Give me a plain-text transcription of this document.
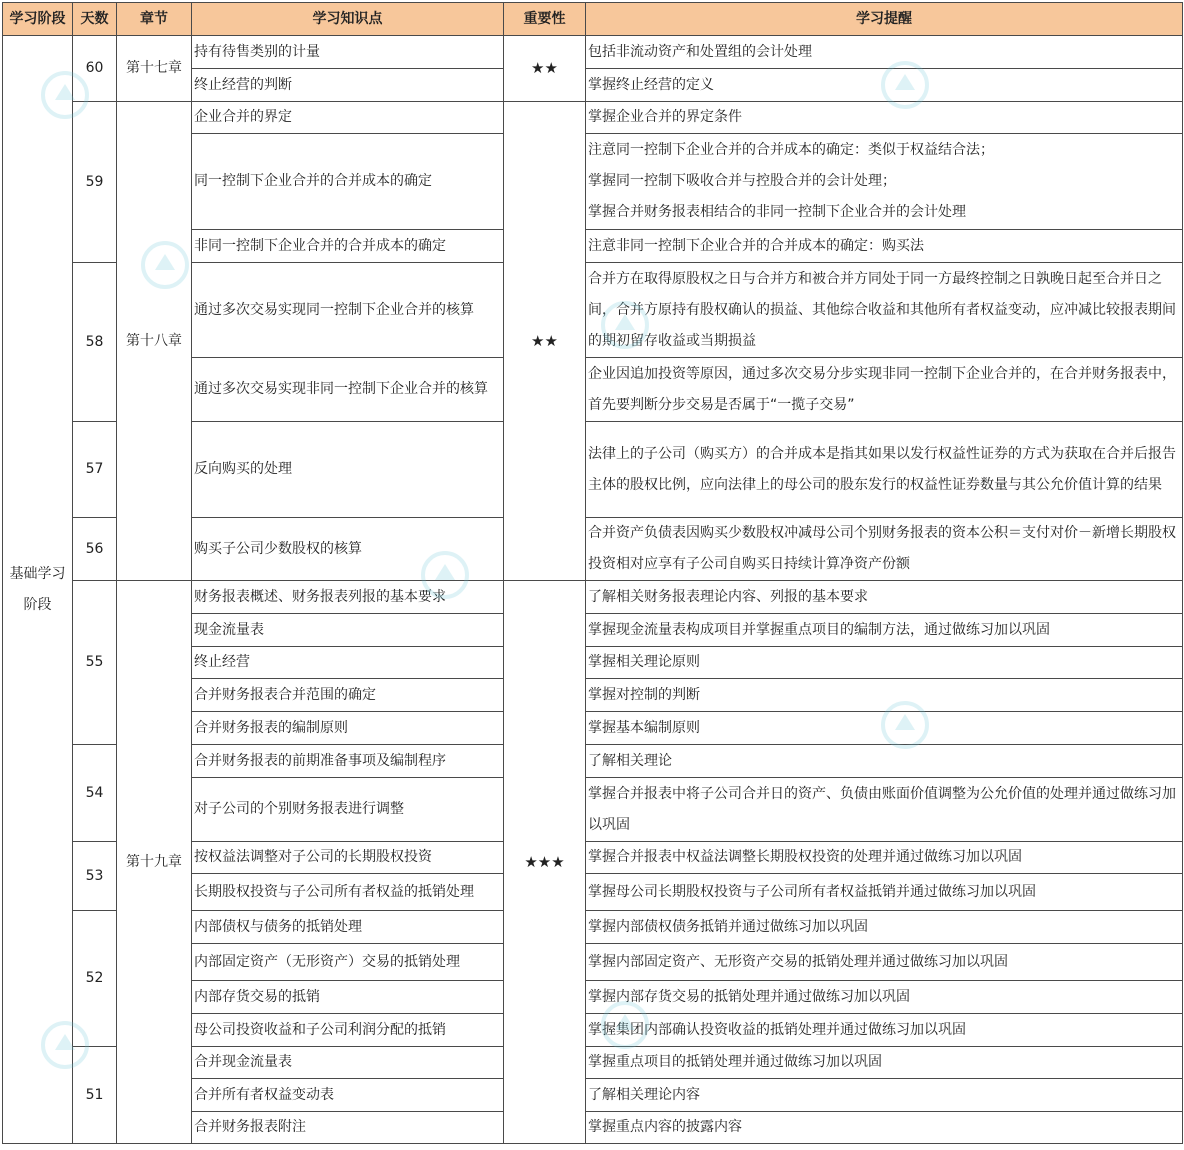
学习阶段	天数	章节	学习知识点	重要性	学习提醒
基础学习
阶段	60	第十七章	持有待售类别的计量	★★	包括非流动资产和处置组的会计处理
			终止经营的判断		掌握终止经营的定义
	59	第十八章	企业合并的界定	★★	掌握企业合并的界定条件
			同一控制下企业合并的合并成本的确定		注意同一控制下企业合并的合并成本的确定：类似于权益结合法；
掌握同一控制下吸收合并与控股合并的会计处理；
掌握合并财务报表相结合的非同一控制下企业合并的会计处理
			非同一控制下企业合并的合并成本的确定		注意非同一控制下企业合并的合并成本的确定：购买法
	58		通过多次交易实现同一控制下企业合并的核算		合并方在取得原股权之日与合并方和被合并方同处于同一方最终控制之日孰晚日起至合并日之间，合并方原持有股权确认的损益、其他综合收益和其他所有者权益变动，应冲减比较报表期间的期初留存收益或当期损益
			通过多次交易实现非同一控制下企业合并的核算		企业因追加投资等原因，通过多次交易分步实现非同一控制下企业合并的，在合并财务报表中，首先要判断分步交易是否属于“一揽子交易”
	57		反向购买的处理		法律上的子公司（购买方）的合并成本是指其如果以发行权益性证券的方式为获取在合并后报告主体的股权比例，应向法律上的母公司的股东发行的权益性证券数量与其公允价值计算的结果
	56		购买子公司少数股权的核算		合并资产负债表因购买少数股权冲减母公司个别财务报表的资本公积＝支付对价－新增长期股权投资相对应享有子公司自购买日持续计算净资产份额
	55	第十九章	财务报表概述、财务报表列报的基本要求	★★★	了解相关财务报表理论内容、列报的基本要求
			现金流量表		掌握现金流量表构成项目并掌握重点项目的编制方法，通过做练习加以巩固
			终止经营		掌握相关理论原则
			合并财务报表合并范围的确定		掌握对控制的判断
			合并财务报表的编制原则		掌握基本编制原则
	54		合并财务报表的前期准备事项及编制程序		了解相关理论
			对子公司的个别财务报表进行调整		掌握合并报表中将子公司合并日的资产、负债由账面价值调整为公允价值的处理并通过做练习加以巩固
	53		按权益法调整对子公司的长期股权投资		掌握合并报表中权益法调整长期股权投资的处理并通过做练习加以巩固
			长期股权投资与子公司所有者权益的抵销处理		掌握母公司长期股权投资与子公司所有者权益抵销并通过做练习加以巩固
	52		内部债权与债务的抵销处理		掌握内部债权债务抵销并通过做练习加以巩固
			内部固定资产（无形资产）交易的抵销处理		掌握内部固定资产、无形资产交易的抵销处理并通过做练习加以巩固
			内部存货交易的抵销		掌握内部存货交易的抵销处理并通过做练习加以巩固
			母公司投资收益和子公司利润分配的抵销		掌握集团内部确认投资收益的抵销处理并通过做练习加以巩固
	51		合并现金流量表		掌握重点项目的抵销处理并通过做练习加以巩固
			合并所有者权益变动表		了解相关理论内容
			合并财务报表附注		掌握重点内容的披露内容
